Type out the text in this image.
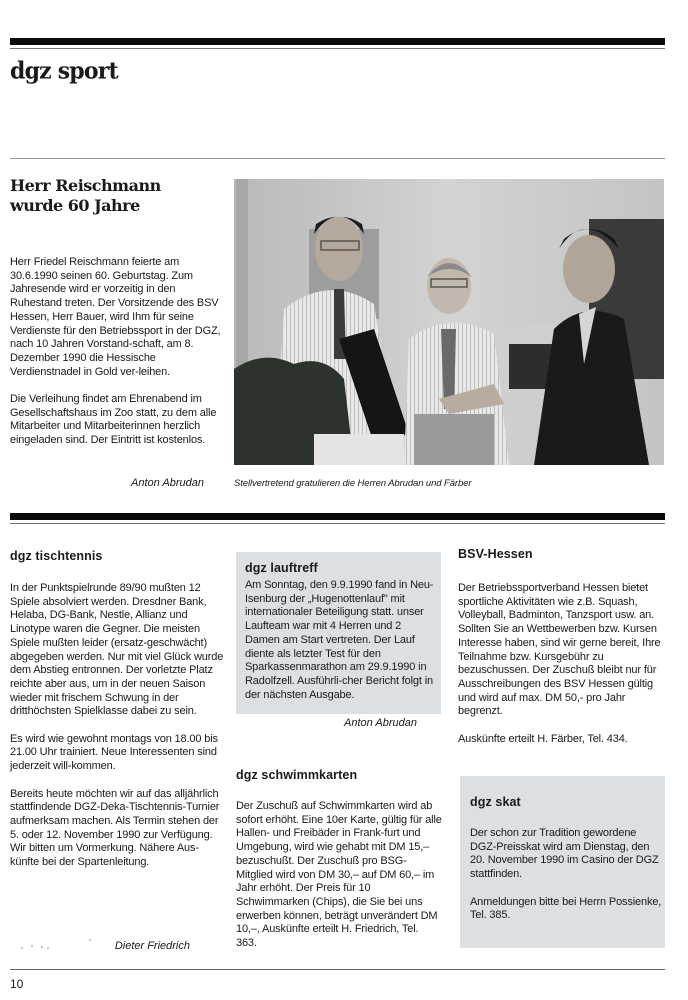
dgz sport
Herr Reischmann
wurde 60 Jahre

Herr Friedel Reischmann feierte am 30.6.1990 seinen 60. Geburtstag. Zum Jahresende wird er vorzeitig in den Ruhestand treten. Der Vorsitzende des BSV Hessen, Herr Bauer, wird Ihm für seine Verdienste für den Betriebssport in der DGZ, nach 10 Jahren Vorstand-schaft, am 8. Dezember 1990 die Hessische Verdienstnadel in Gold ver-leihen.

Die Verleihung findet am Ehrenabend im Gesellschaftshaus im Zoo statt, zu dem alle Mitarbeiter und Mitarbeiterinnen herzlich eingeladen sind. Der Eintritt ist kostenlos.

Anton Abrudan	Stellvertretend gratulieren die Herren Abrudan und Färber
dgz tischtennis

In der Punktspielrunde 89/90 mußten 12 Spiele absolviert werden. Dresdner Bank, Helaba, DG-Bank, Nestle, Allianz und Linotype waren die Gegner. Die meisten Spiele mußten leider (ersatz-geschwächt) abgegeben werden. Nur mit viel Glück wurde dem Abstieg entronnen. Der vorletzte Platz reichte aber aus, um in der neuen Saison wieder mit frischem Schwung in der dritthöchsten Spielklasse dabei zu sein.

Es wird wie gewohnt montags von 18.00 bis 21.00 Uhr trainiert. Neue Interessenten sind jederzeit will-kommen.

Bereits heute möchten wir auf das alljährlich stattfindende DGZ-Deka-Tischtennis-Turnier aufmerksam machen. Als Termin stehen der 5. oder 12. November 1990 zur Verfügung. Wir bitten um Vormerkung. Nähere Aus-künfte bei der Spartenleitung.

Dieter Friedrich
dgz lauftreff

Am Sonntag, den 9.9.1990 fand in Neu-Isenburg der „Hugenottenlauf" mit internationaler Beteiligung statt. unser Laufteam war mit 4 Herren und 2 Damen am Start vertreten. Der Lauf diente als letzter Test für den Sparkassenmarathon am 29.9.1990 in Radolfzell. Ausführli-cher Bericht folgt in der nächsten Ausgabe.

Anton Abrudan
dgz schwimmkarten

Der Zuschuß auf Schwimmkarten wird ab sofort erhöht. Eine 10er Karte, gültig für alle Hallen- und Freibäder in Frank-furt und Umgebung, wird wie gehabt mit DM 15,– bezuschußt. Der Zuschuß pro BSG-Mitglied wird von DM 30,– auf DM 60,– im Jahr erhöht. Der Preis für 10 Schwimmarken (Chips), die Sie bei uns erwerben können, beträgt unverändert DM 10,–, Auskünfte erteilt H. Friedrich, Tel. 363.

BSV-Hessen

Der Betriebssportverband Hessen bietet sportliche Aktivitäten wie z.B. Squash, Volleyball, Badminton, Tanzsport usw. an. Sollten Sie an Wettbewerben bzw. Kursen Interesse haben, sind wir gerne bereit, Ihre Teilnahme bzw. Kursgebühr zu bezuschussen. Der Zuschuß bleibt nur für Ausschreibungen des BSV Hessen gültig und wird auf max. DM 50,- pro Jahr begrenzt.

Auskünfte erteilt H. Färber, Tel. 434.

dgz skat

Der schon zur Tradition gewordene DGZ-Preisskat wird am Dienstag, den 20. November 1990 im Casino der DGZ stattfinden.

Anmeldungen bitte bei Herrn Possienke, Tel. 385.

10
